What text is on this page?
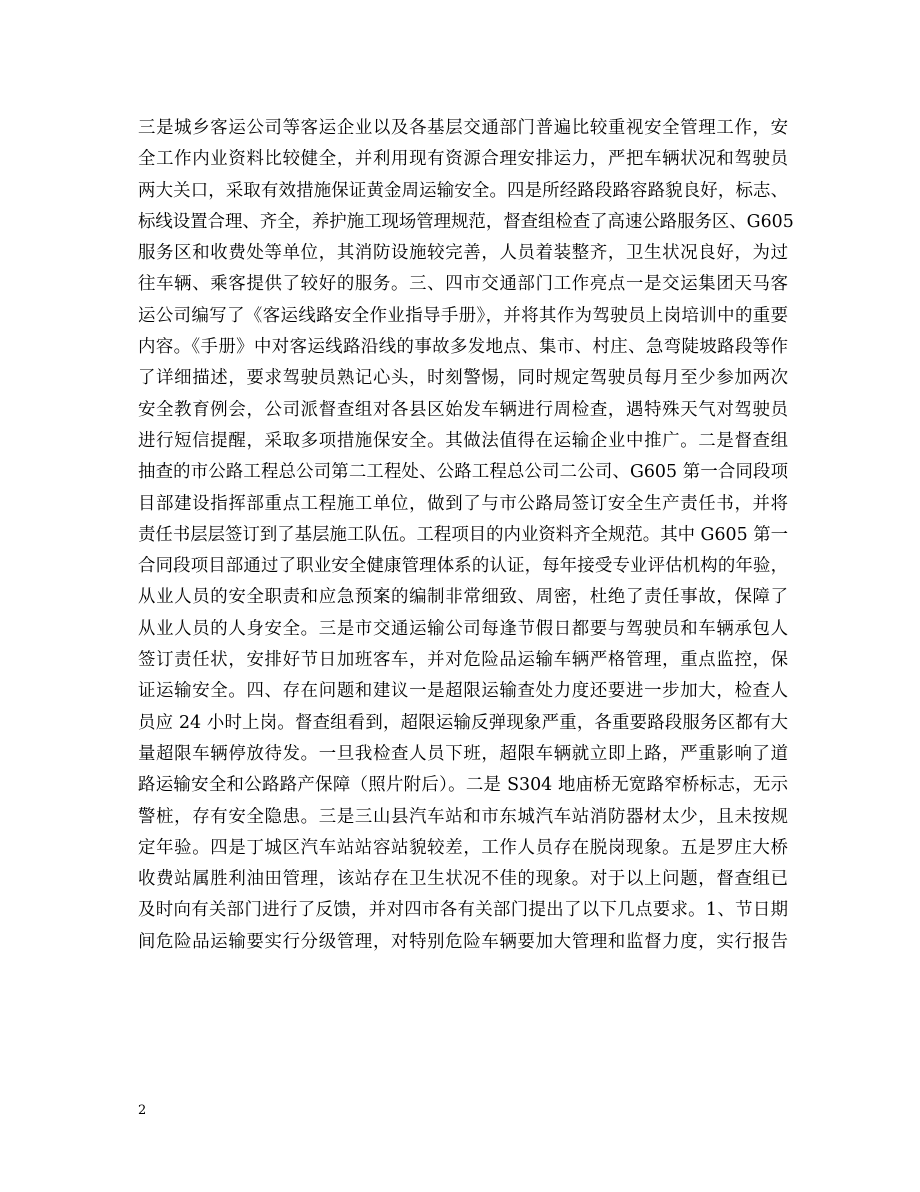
三是城乡客运公司等客运企业以及各基层交通部门普遍比较重视安全管理工作，安
全工作内业资料比较健全，并利用现有资源合理安排运力，严把车辆状况和驾驶员
两大关口，采取有效措施保证黄金周运输安全。四是所经路段路容路貌良好，标志、
标线设置合理、齐全，养护施工现场管理规范，督查组检查了高速公路服务区、G605
服务区和收费处等单位，其消防设施较完善，人员着装整齐，卫生状况良好，为过
往车辆、乘客提供了较好的服务。三、四市交通部门工作亮点一是交运集团天马客
运公司编写了《客运线路安全作业指导手册》，并将其作为驾驶员上岗培训中的重要
内容。《手册》中对客运线路沿线的事故多发地点、集市、村庄、急弯陡坡路段等作
了详细描述，要求驾驶员熟记心头，时刻警惕，同时规定驾驶员每月至少参加两次
安全教育例会，公司派督查组对各县区始发车辆进行周检查，遇特殊天气对驾驶员
进行短信提醒，采取多项措施保安全。其做法值得在运输企业中推广。二是督查组
抽查的市公路工程总公司第二工程处、公路工程总公司二公司、G605 第一合同段项
目部建设指挥部重点工程施工单位，做到了与市公路局签订安全生产责任书，并将
责任书层层签订到了基层施工队伍。工程项目的内业资料齐全规范。其中 G605 第一
合同段项目部通过了职业安全健康管理体系的认证，每年接受专业评估机构的年验，
从业人员的安全职责和应急预案的编制非常细致、周密，杜绝了责任事故，保障了
从业人员的人身安全。三是市交通运输公司每逢节假日都要与驾驶员和车辆承包人
签订责任状，安排好节日加班客车，并对危险品运输车辆严格管理，重点监控，保
证运输安全。四、存在问题和建议一是超限运输查处力度还要进一步加大，检查人
员应 24 小时上岗。督查组看到，超限运输反弹现象严重，各重要路段服务区都有大
量超限车辆停放待发。一旦我检查人员下班，超限车辆就立即上路，严重影响了道
路运输安全和公路路产保障（照片附后）。二是 S304 地庙桥无宽路窄桥标志，无示
警桩，存有安全隐患。三是三山县汽车站和市东城汽车站消防器材太少，且未按规
定年验。四是丁城区汽车站站容站貌较差，工作人员存在脱岗现象。五是罗庄大桥
收费站属胜利油田管理，该站存在卫生状况不佳的现象。对于以上问题，督查组已
及时向有关部门进行了反馈，并对四市各有关部门提出了以下几点要求。1、节日期
间危险品运输要实行分级管理，对特别危险车辆要加大管理和监督力度，实行报告
2
